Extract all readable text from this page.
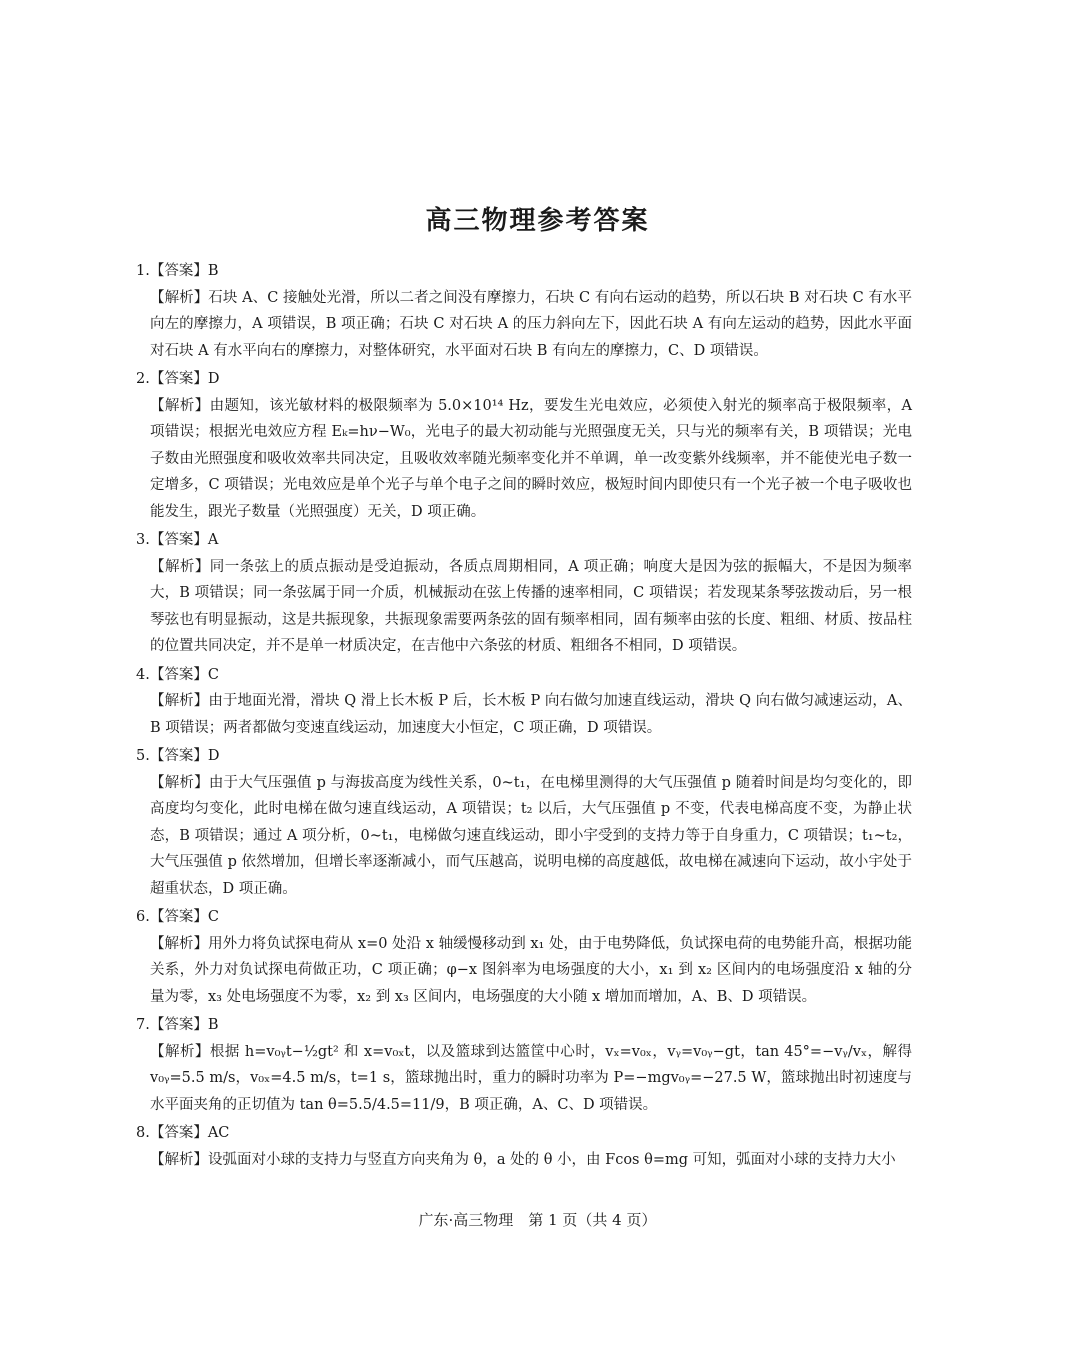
高三物理参考答案

1.【答案】B

【解析】石块 A、C 接触处光滑，所以二者之间没有摩擦力，石块 C 有向右运动的趋势，所以石块 B 对石块 C 有水平向左的摩擦力，A 项错误，B 项正确；石块 C 对石块 A 的压力斜向左下，因此石块 A 有向左运动的趋势，因此水平面对石块 A 有水平向右的摩擦力，对整体研究，水平面对石块 B 有向左的摩擦力，C、D 项错误。

2.【答案】D

【解析】由题知，该光敏材料的极限频率为 5.0×10¹⁴ Hz，要发生光电效应，必须使入射光的频率高于极限频率，A 项错误；根据光电效应方程 Eₖ=hν−W₀，光电子的最大初动能与光照强度无关，只与光的频率有关，B 项错误；光电子数由光照强度和吸收效率共同决定，且吸收效率随光频率变化并不单调，单一改变紫外线频率，并不能使光电子数一定增多，C 项错误；光电效应是单个光子与单个电子之间的瞬时效应，极短时间内即使只有一个光子被一个电子吸收也能发生，跟光子数量（光照强度）无关，D 项正确。

3.【答案】A

【解析】同一条弦上的质点振动是受迫振动，各质点周期相同，A 项正确；响度大是因为弦的振幅大，不是因为频率大，B 项错误；同一条弦属于同一介质，机械振动在弦上传播的速率相同，C 项错误；若发现某条琴弦拨动后，另一根琴弦也有明显振动，这是共振现象，共振现象需要两条弦的固有频率相同，固有频率由弦的长度、粗细、材质、按品柱的位置共同决定，并不是单一材质决定，在吉他中六条弦的材质、粗细各不相同，D 项错误。

4.【答案】C

【解析】由于地面光滑，滑块 Q 滑上长木板 P 后，长木板 P 向右做匀加速直线运动，滑块 Q 向右做匀减速运动，A、B 项错误；两者都做匀变速直线运动，加速度大小恒定，C 项正确，D 项错误。

5.【答案】D

【解析】由于大气压强值 p 与海拔高度为线性关系，0~t₁，在电梯里测得的大气压强值 p 随着时间是均匀变化的，即高度均匀变化，此时电梯在做匀速直线运动，A 项错误；t₂ 以后，大气压强值 p 不变，代表电梯高度不变，为静止状态，B 项错误；通过 A 项分析，0~t₁，电梯做匀速直线运动，即小宇受到的支持力等于自身重力，C 项错误；t₁~t₂，大气压强值 p 依然增加，但增长率逐渐减小，而气压越高，说明电梯的高度越低，故电梯在减速向下运动，故小宇处于超重状态，D 项正确。

6.【答案】C

【解析】用外力将负试探电荷从 x=0 处沿 x 轴缓慢移动到 x₁ 处，由于电势降低，负试探电荷的电势能升高，根据功能关系，外力对负试探电荷做正功，C 项正确；φ−x 图斜率为电场强度的大小，x₁ 到 x₂ 区间内的电场强度沿 x 轴的分量为零，x₃ 处电场强度不为零，x₂ 到 x₃ 区间内，电场强度的大小随 x 增加而增加，A、B、D 项错误。

7.【答案】B

【解析】根据 h=v₀ᵧt−½gt² 和 x=v₀ₓt，以及篮球到达篮筐中心时，vₓ=v₀ₓ，vᵧ=v₀ᵧ−gt，tan 45°=−vᵧ/vₓ，解得 v₀ᵧ=5.5 m/s，v₀ₓ=4.5 m/s，t=1 s，篮球抛出时，重力的瞬时功率为 P=−mgv₀ᵧ=−27.5 W，篮球抛出时初速度与水平面夹角的正切值为 tan θ=5.5/4.5=11/9，B 项正确，A、C、D 项错误。

8.【答案】AC

【解析】设弧面对小球的支持力与竖直方向夹角为 θ，a 处的 θ 小，由 Fcos θ=mg 可知，弧面对小球的支持力大小

广东·高三物理　第 1 页（共 4 页）
